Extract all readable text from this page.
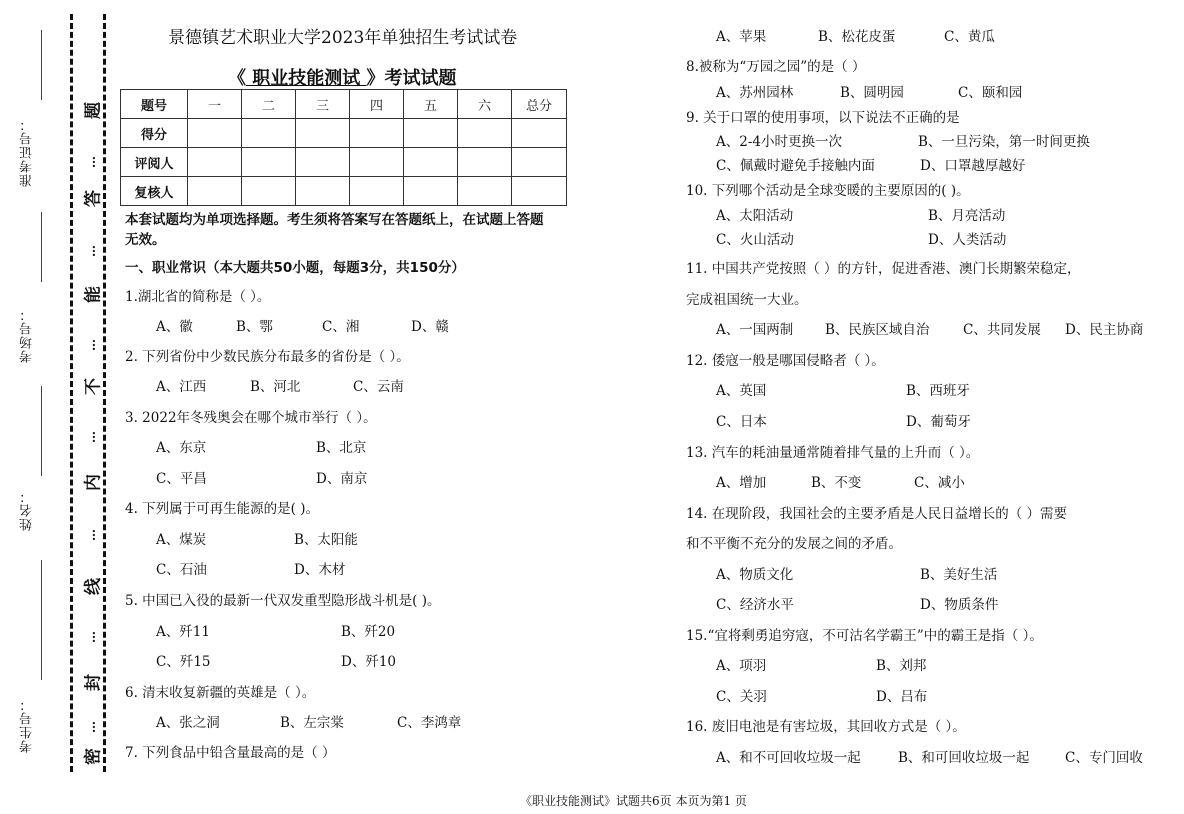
准考证号：
考场号：
姓名：
考生号：
题
…
答
…
能
…
不
…
内
…
线
…
封
…
密
景德镇艺术职业大学2023年单独招生考试试卷
《 职业技能测试 》考试试题
题号	一	二	三	四	五	六	总分
得分							
评阅人							
复核人							
本套试题均为单项选择题。考生须将答案写在答题纸上，在试题上答题
无效。
一、职业常识（本大题共50小题，每题3分，共150分）
1.湖北省的简称是（ ）。
A、徽	B、鄂	C、湘	D、赣
2. 下列省份中少数民族分布最多的省份是（ ）。
A、江西	B、河北	C、云南
3. 2022年冬残奥会在哪个城市举行（ ）。
A、东京	B、北京
C、平昌	D、南京
4. 下列属于可再生能源的是( )。
A、煤炭	B、太阳能
C、石油	D、木材
5. 中国已入役的最新一代双发重型隐形战斗机是( )。
A、歼11	B、歼20
C、歼15	D、歼10
6. 清末收复新疆的英雄是（ ）。
A、张之洞	B、左宗棠	C、李鸿章
7. 下列食品中铅含量最高的是（ ）
A、苹果	B、松花皮蛋	C、黄瓜
8.被称为“万园之园”的是（ ）
A、苏州园林	B、圆明园	C、颐和园
9. 关于口罩的使用事项，以下说法不正确的是
A、2-4小时更换一次	B、一旦污染，第一时间更换
C、佩戴时避免手接触内面	D、口罩越厚越好
10. 下列哪个活动是全球变暖的主要原因的( )。
A、太阳活动	B、月亮活动
C、火山活动	D、人类活动
11. 中国共产党按照（ ）的方针，促进香港、澳门长期繁荣稳定，
完成祖国统一大业。
A、一国两制 B、民族区域自治 C、共同发展 D、民主协商
12. 倭寇一般是哪国侵略者（ ）。
A、英国	B、西班牙
C、日本	D、葡萄牙
13. 汽车的耗油量通常随着排气量的上升而（ ）。
A、增加	B、不变	C、减小
14. 在现阶段，我国社会的主要矛盾是人民日益增长的（ ）需要
和不平衡不充分的发展之间的矛盾。
A、物质文化	B、美好生活
C、经济水平	D、物质条件
15.“宜将剩勇追穷寇，不可沽名学霸王”中的霸王是指（ ）。
A、项羽	B、刘邦
C、关羽	D、吕布
16. 废旧电池是有害垃圾，其回收方式是（ ）。
A、和不可回收垃圾一起	B、和可回收垃圾一起	C、专门回收
《职业技能测试》试题共6页 本页为第1 页
